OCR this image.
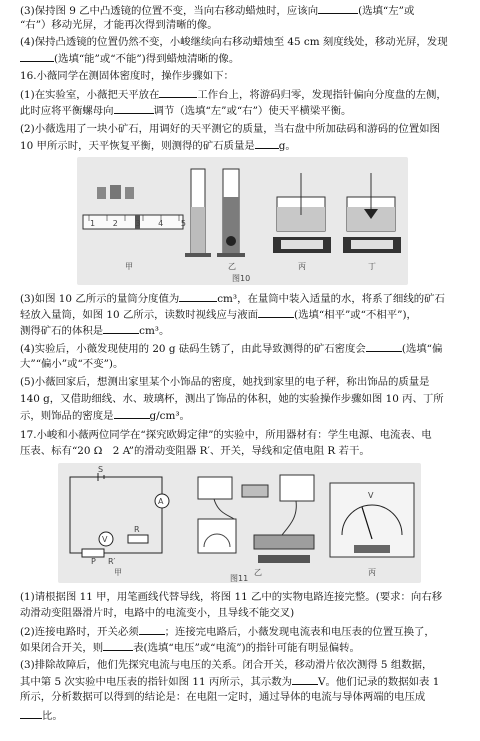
(3)保持图 9 乙中凸透镜的位置不变，当向右移动蜡烛时，应该向	(选填“左”或
“右”）移动光屏，才能再次得到清晰的像。
(4)保持凸透镜的位置仍然不变，小峻继续向右移动蜡烛至 45 cm 刻度线处，移动光屏，发现
(选填“能”或“不能”)得到蜡烛清晰的像。
16.小薇同学在测固体密度时，操作步骤如下：
(1)在实验室，小薇把天平放在	工作台上，将游码归零，发现指针偏向分度盘的左侧，
此时应将平衡螺母向	调节（选填“左”或“右”）使天平横梁平衡。
(2)小薇选用了一块小矿石，用调好的天平测它的质量，当右盘中所加砝码和游码的位置如图
10 甲所示时，天平恢复平衡，则测得的矿石质量是 g。
1 2 3 4 5
甲	乙	丙	丁
图10
(3)如图 10 乙所示的量筒分度值为	cm³，在量筒中装入适量的水，将系了细线的矿石
轻放入量筒，如图 10 乙所示，读数时视线应与液面	(选填“相平”或“不相平”)，
测得矿石的体积是	cm³。
(4)实验后，小薇发现使用的 20 g 砝码生锈了，由此导致测得的矿石密度会	(选填“偏
大”“偏小”或“不变”)。
(5)小薇回家后，想测出家里某个小饰品的密度，她找到家里的电子秤，称出饰品的质量是
140 g，又借助细线、水、玻璃杯，测出了饰品的体积，她的实验操作步骤如图 10 丙、丁所
示，则饰品的密度是	g/cm³。
17.小峻和小薇两位同学在“探究欧姆定律”的实验中，所用器材有：学生电源、电流表、电
压表、标有“20 Ω　2 A”的滑动变阻器 R′、开关，导线和定值电阻 R 若干。
A
V
R
P R′
S
V
甲	乙	丙
图11
(1)请根据图 11 甲，用笔画线代替导线，将图 11 乙中的实物电路连接完整。(要求：向右移
动滑动变阻器滑片时，电路中的电流变小，且导线不能交叉)
(2)连接电路时，开关必须	；连接完电路后，小薇发现电流表和电压表的位置互换了，
如果闭合开关，则	表(选填“电压”或“电流”)的指针可能有明显偏转。
(3)排除故障后，他们先探究电流与电压的关系。闭合开关，移动滑片依次测得 5 组数据，
其中第 5 次实验中电压表的指针如图 11 丙所示，其示数为	V。他们记录的数据如表 1
所示，分析数据可以得到的结论是：在电阻一定时，通过导体的电流与导体两端的电压成
比。
